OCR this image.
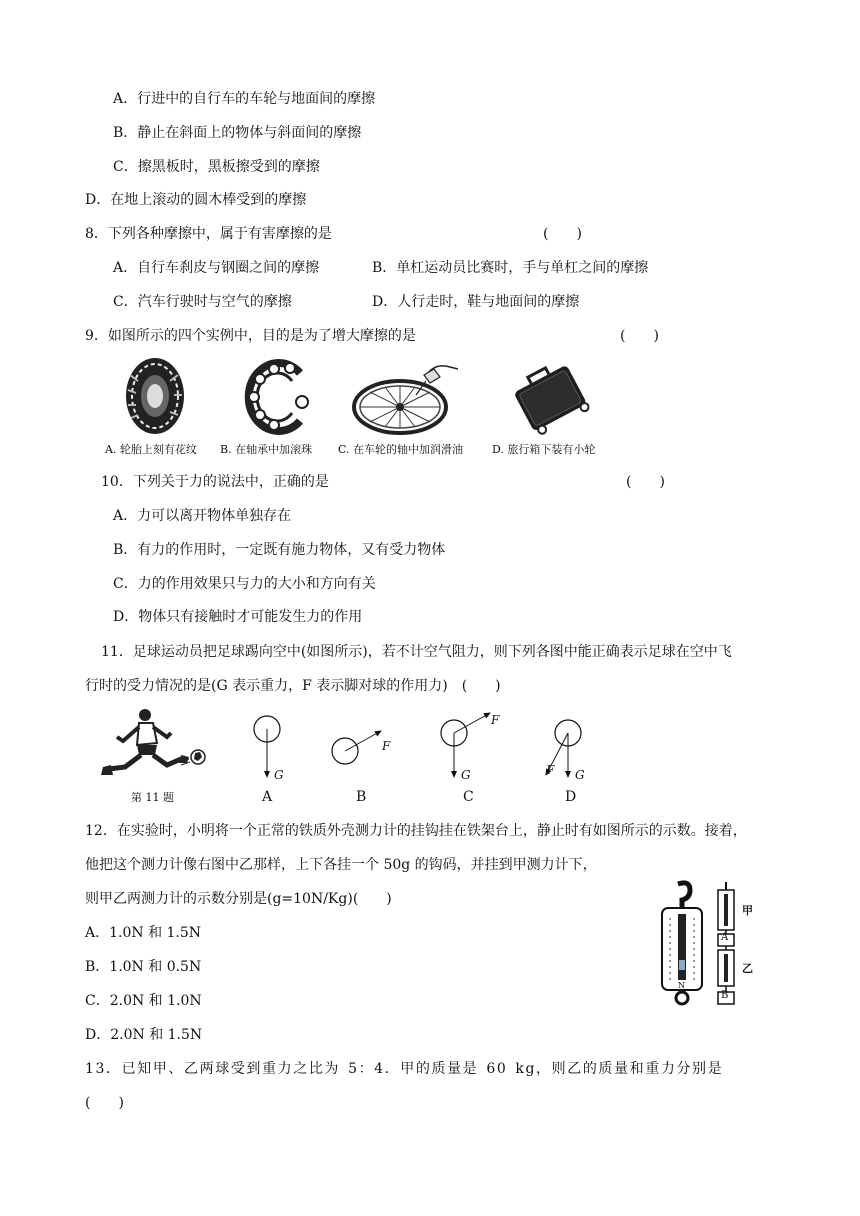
A．行进中的自行车的车轮与地面间的摩擦
B．静止在斜面上的物体与斜面间的摩擦
C．擦黑板时，黑板擦受到的摩擦
D．在地上滚动的圆木棒受到的摩擦
8．下列各种摩擦中，属于有害摩擦的是	(　　)
A．自行车刹皮与钢圈之间的摩擦	B．单杠运动员比赛时，手与单杠之间的摩擦
C．汽车行驶时与空气的摩擦	D．人行走时，鞋与地面间的摩擦
9．如图所示的四个实例中，目的是为了增大摩擦的是	(　　)
A. 轮胎上刻有花纹 B. 在轴承中加滚珠 C. 在车轮的轴中加润滑油	D. 旅行箱下装有小轮
10．下列关于力的说法中，正确的是	(　　)
A．力可以离开物体单独存在
B．有力的作用时，一定既有施力物体，又有受力物体
C．力的作用效果只与力的大小和方向有关
D．物体只有接触时才可能发生力的作用
11．足球运动员把足球踢向空中(如图所示)，若不计空气阻力，则下列各图中能正确表示足球在空中飞
行时的受力情况的是(G 表示重力，F 表示脚对球的作用力)　(　　)
第 11 题
G
F
G
F
G
F
A	B	C	D
12．在实验时，小明将一个正常的铁质外壳测力计的挂钩挂在铁架台上，静止时有如图所示的示数。接着，
他把这个测力计像右图中乙那样，上下各挂一个 50g 的钩码，并挂到甲测力计下，
则甲乙两测力计的示数分别是(g=10N/Kg)(　　)
A．1.0N 和 1.5N
B．1.0N 和 0.5N
C．2.0N 和 1.0N
D．2.0N 和 1.5N
A
B
N
甲
乙
13．已知甲、乙两球受到重力之比为 5：4．甲的质量是 60 kg，则乙的质量和重力分别是
(　　)
